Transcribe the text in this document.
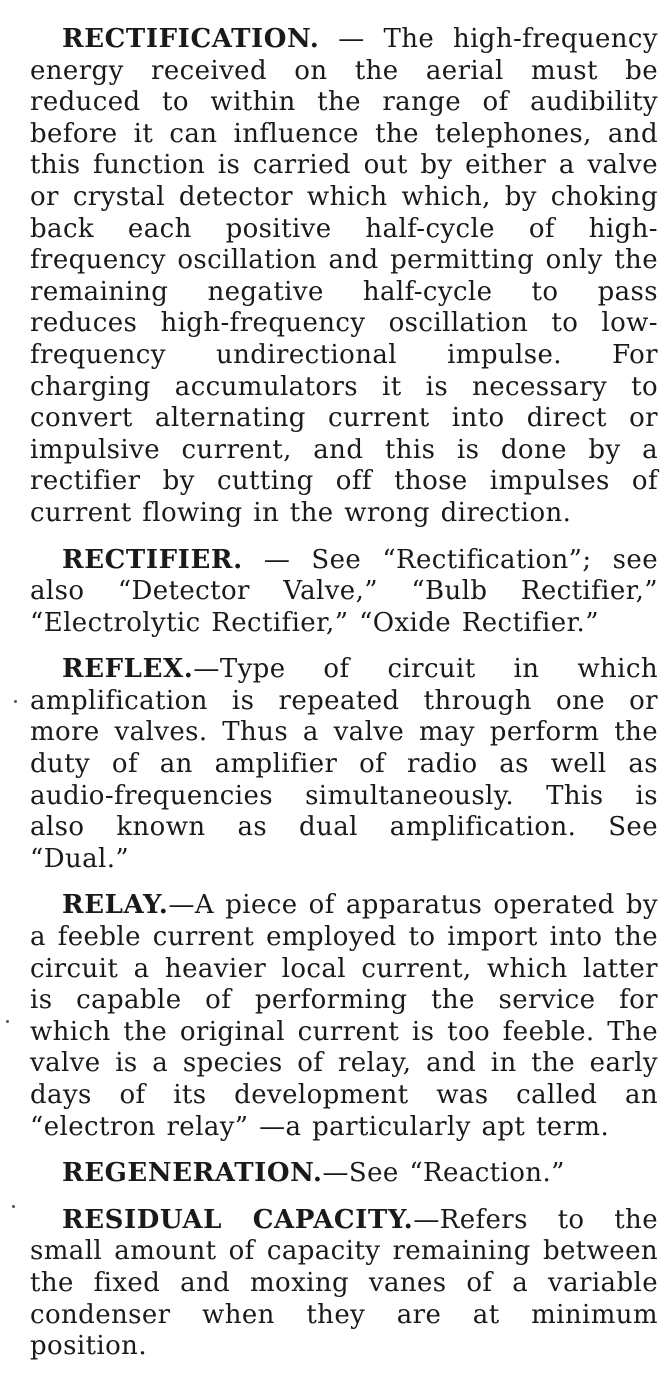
RECTIFICATION. — The high-frequency energy received on the aerial must be reduced to within the range of audibility before it can influence the telephones, and this function is carried out by either a valve or crystal detector which which, by choking back each positive half-cycle of high-frequency oscillation and permitting only the remaining negative half-cycle to pass reduces high-frequency oscillation to low-frequency undirectional impulse. For charging accumulators it is necessary to convert alternating current into direct or impulsive current, and this is done by a rectifier by cutting off those impulses of current flowing in the wrong direction.

RECTIFIER. — See “Rectification”; see also “Detector Valve,” “Bulb Rectifier,” “Electrolytic Rectifier,” “Oxide Rectifier.”

REFLEX.—Type of circuit in which amplification is repeated through one or more valves. Thus a valve may perform the duty of an amplifier of radio as well as audio-frequencies simultaneously. This is also known as dual amplification. See “Dual.”

RELAY.—A piece of apparatus operated by a feeble current employed to import into the circuit a heavier local current, which latter is capable of performing the service for which the original current is too feeble. The valve is a species of relay, and in the early days of its development was called an “electron relay” —a particularly apt term.

REGENERATION.—See “Reaction.”

RESIDUAL CAPACITY.—Refers to the small amount of capacity remaining between the fixed and moxing vanes of a variable condenser when they are at minimum position.
